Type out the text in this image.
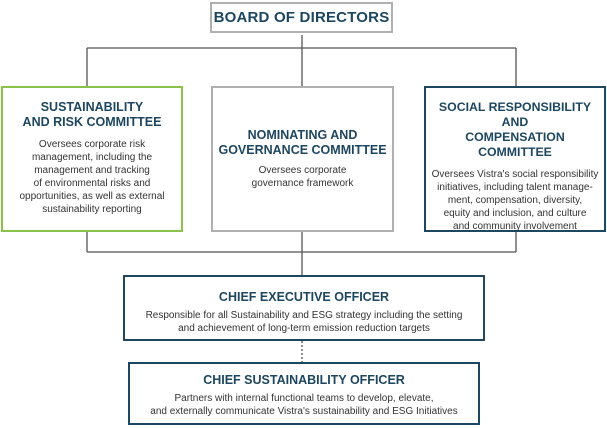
BOARD OF DIRECTORS
SUSTAINABILITY
AND RISK COMMITTEE
Oversees corporate risk
management, including the
management and tracking
of environmental risks and
opportunities, as well as external
sustainability reporting
NOMINATING AND
GOVERNANCE COMMITTEE
Oversees corporate
governance framework
SOCIAL RESPONSIBILITY AND
COMPENSATION COMMITTEE
Oversees Vistra's social responsibility
initiatives, including talent manage-
ment, compensation, diversity,
equity and inclusion, and culture
and community involvement
CHIEF EXECUTIVE OFFICER
Responsible for all Sustainability and ESG strategy including the setting
and achievement of long-term emission reduction targets
CHIEF SUSTAINABILITY OFFICER
Partners with internal functional teams to develop, elevate,
and externally communicate Vistra's sustainability and ESG Initiatives
